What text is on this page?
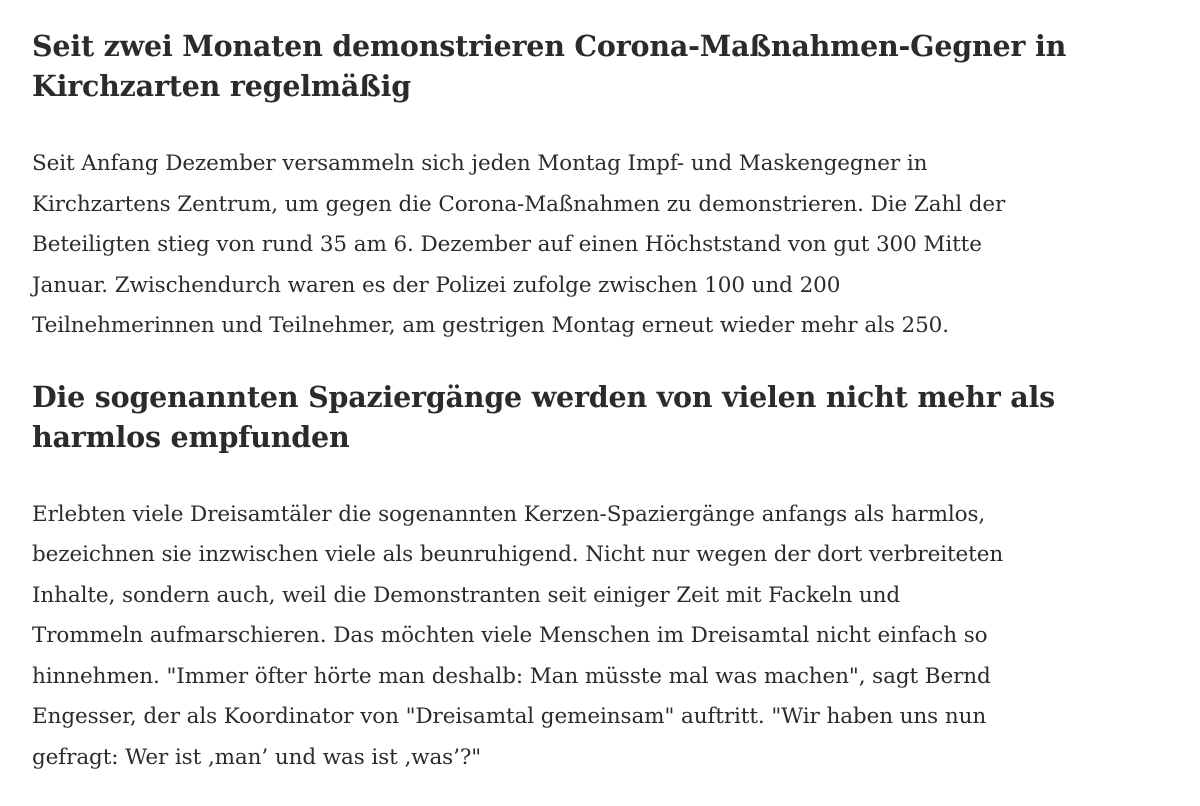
Seit zwei Monaten demonstrieren Corona-Maßnahmen-Gegner in
Kirchzarten regelmäßig

Seit Anfang Dezember versammeln sich jeden Montag Impf- und Maskengegner in
Kirchzartens Zentrum, um gegen die Corona-Maßnahmen zu demonstrieren. Die Zahl der
Beteiligten stieg von rund 35 am 6. Dezember auf einen Höchststand von gut 300 Mitte
Januar. Zwischendurch waren es der Polizei zufolge zwischen 100 und 200
Teilnehmerinnen und Teilnehmer, am gestrigen Montag erneut wieder mehr als 250.

Die sogenannten Spaziergänge werden von vielen nicht mehr als
harmlos empfunden

Erlebten viele Dreisamtäler die sogenannten Kerzen-Spaziergänge anfangs als harmlos,
bezeichnen sie inzwischen viele als beunruhigend. Nicht nur wegen der dort verbreiteten
Inhalte, sondern auch, weil die Demonstranten seit einiger Zeit mit Fackeln und
Trommeln aufmarschieren. Das möchten viele Menschen im Dreisamtal nicht einfach so
hinnehmen. "Immer öfter hörte man deshalb: Man müsste mal was machen", sagt Bernd
Engesser, der als Koordinator von "Dreisamtal gemeinsam" auftritt. "Wir haben uns nun
gefragt: Wer ist ‚man’ und was ist ‚was’?"
